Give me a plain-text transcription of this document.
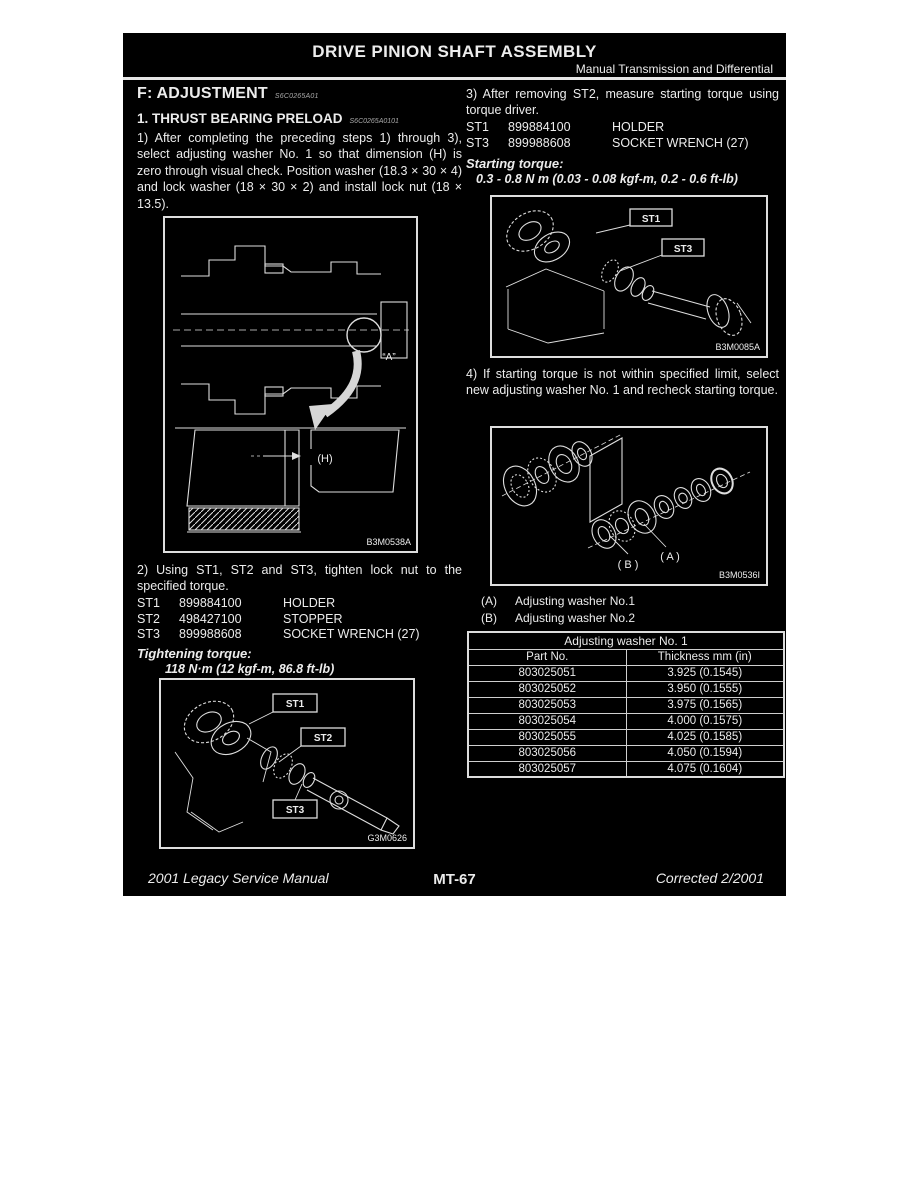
DRIVE PINION SHAFT ASSEMBLY
Manual Transmission and Differential
F: ADJUSTMENT S6C0265A01
1. THRUST BEARING PRELOAD S6C0265A0101
1) After completing the preceding steps 1) through 3), select adjusting washer No. 1 so that dimension (H) is zero through visual check. Position washer (18.3 × 30 × 4) and lock washer (18 × 30 × 2) and install lock nut (18 × 13.5).
“A”
(H)
B3M0538A
2) Using ST1, ST2 and ST3, tighten lock nut to the specified torque.
ST1	899884100	HOLDER
ST2	498427100	STOPPER
ST3	899988608	SOCKET WRENCH (27)
Tightening torque:
118 N·m (12 kgf-m, 86.8 ft-lb)
ST1
ST2
ST3
G3M0626
3) After removing ST2, measure starting torque using torque driver.
ST1	899884100	HOLDER
ST3	899988608	SOCKET WRENCH (27)
Starting torque:
0.3 - 0.8 N m (0.03 - 0.08 kgf-m, 0.2 - 0.6 ft-lb)
ST1
ST3
B3M0085A
4) If starting torque is not within specified limit, select new adjusting washer No. 1 and recheck starting torque.
( B )
( A )
B3M0536I
(A)	Adjusting washer No.1
(B)	Adjusting washer No.2
Adjusting washer No. 1	
Part No.	Thickness mm (in)
803025051	3.925 (0.1545)
803025052	3.950 (0.1555)
803025053	3.975 (0.1565)
803025054	4.000 (0.1575)
803025055	4.025 (0.1585)
803025056	4.050 (0.1594)
803025057	4.075 (0.1604)
2001 Legacy Service Manual	MT-67	Corrected 2/2001
